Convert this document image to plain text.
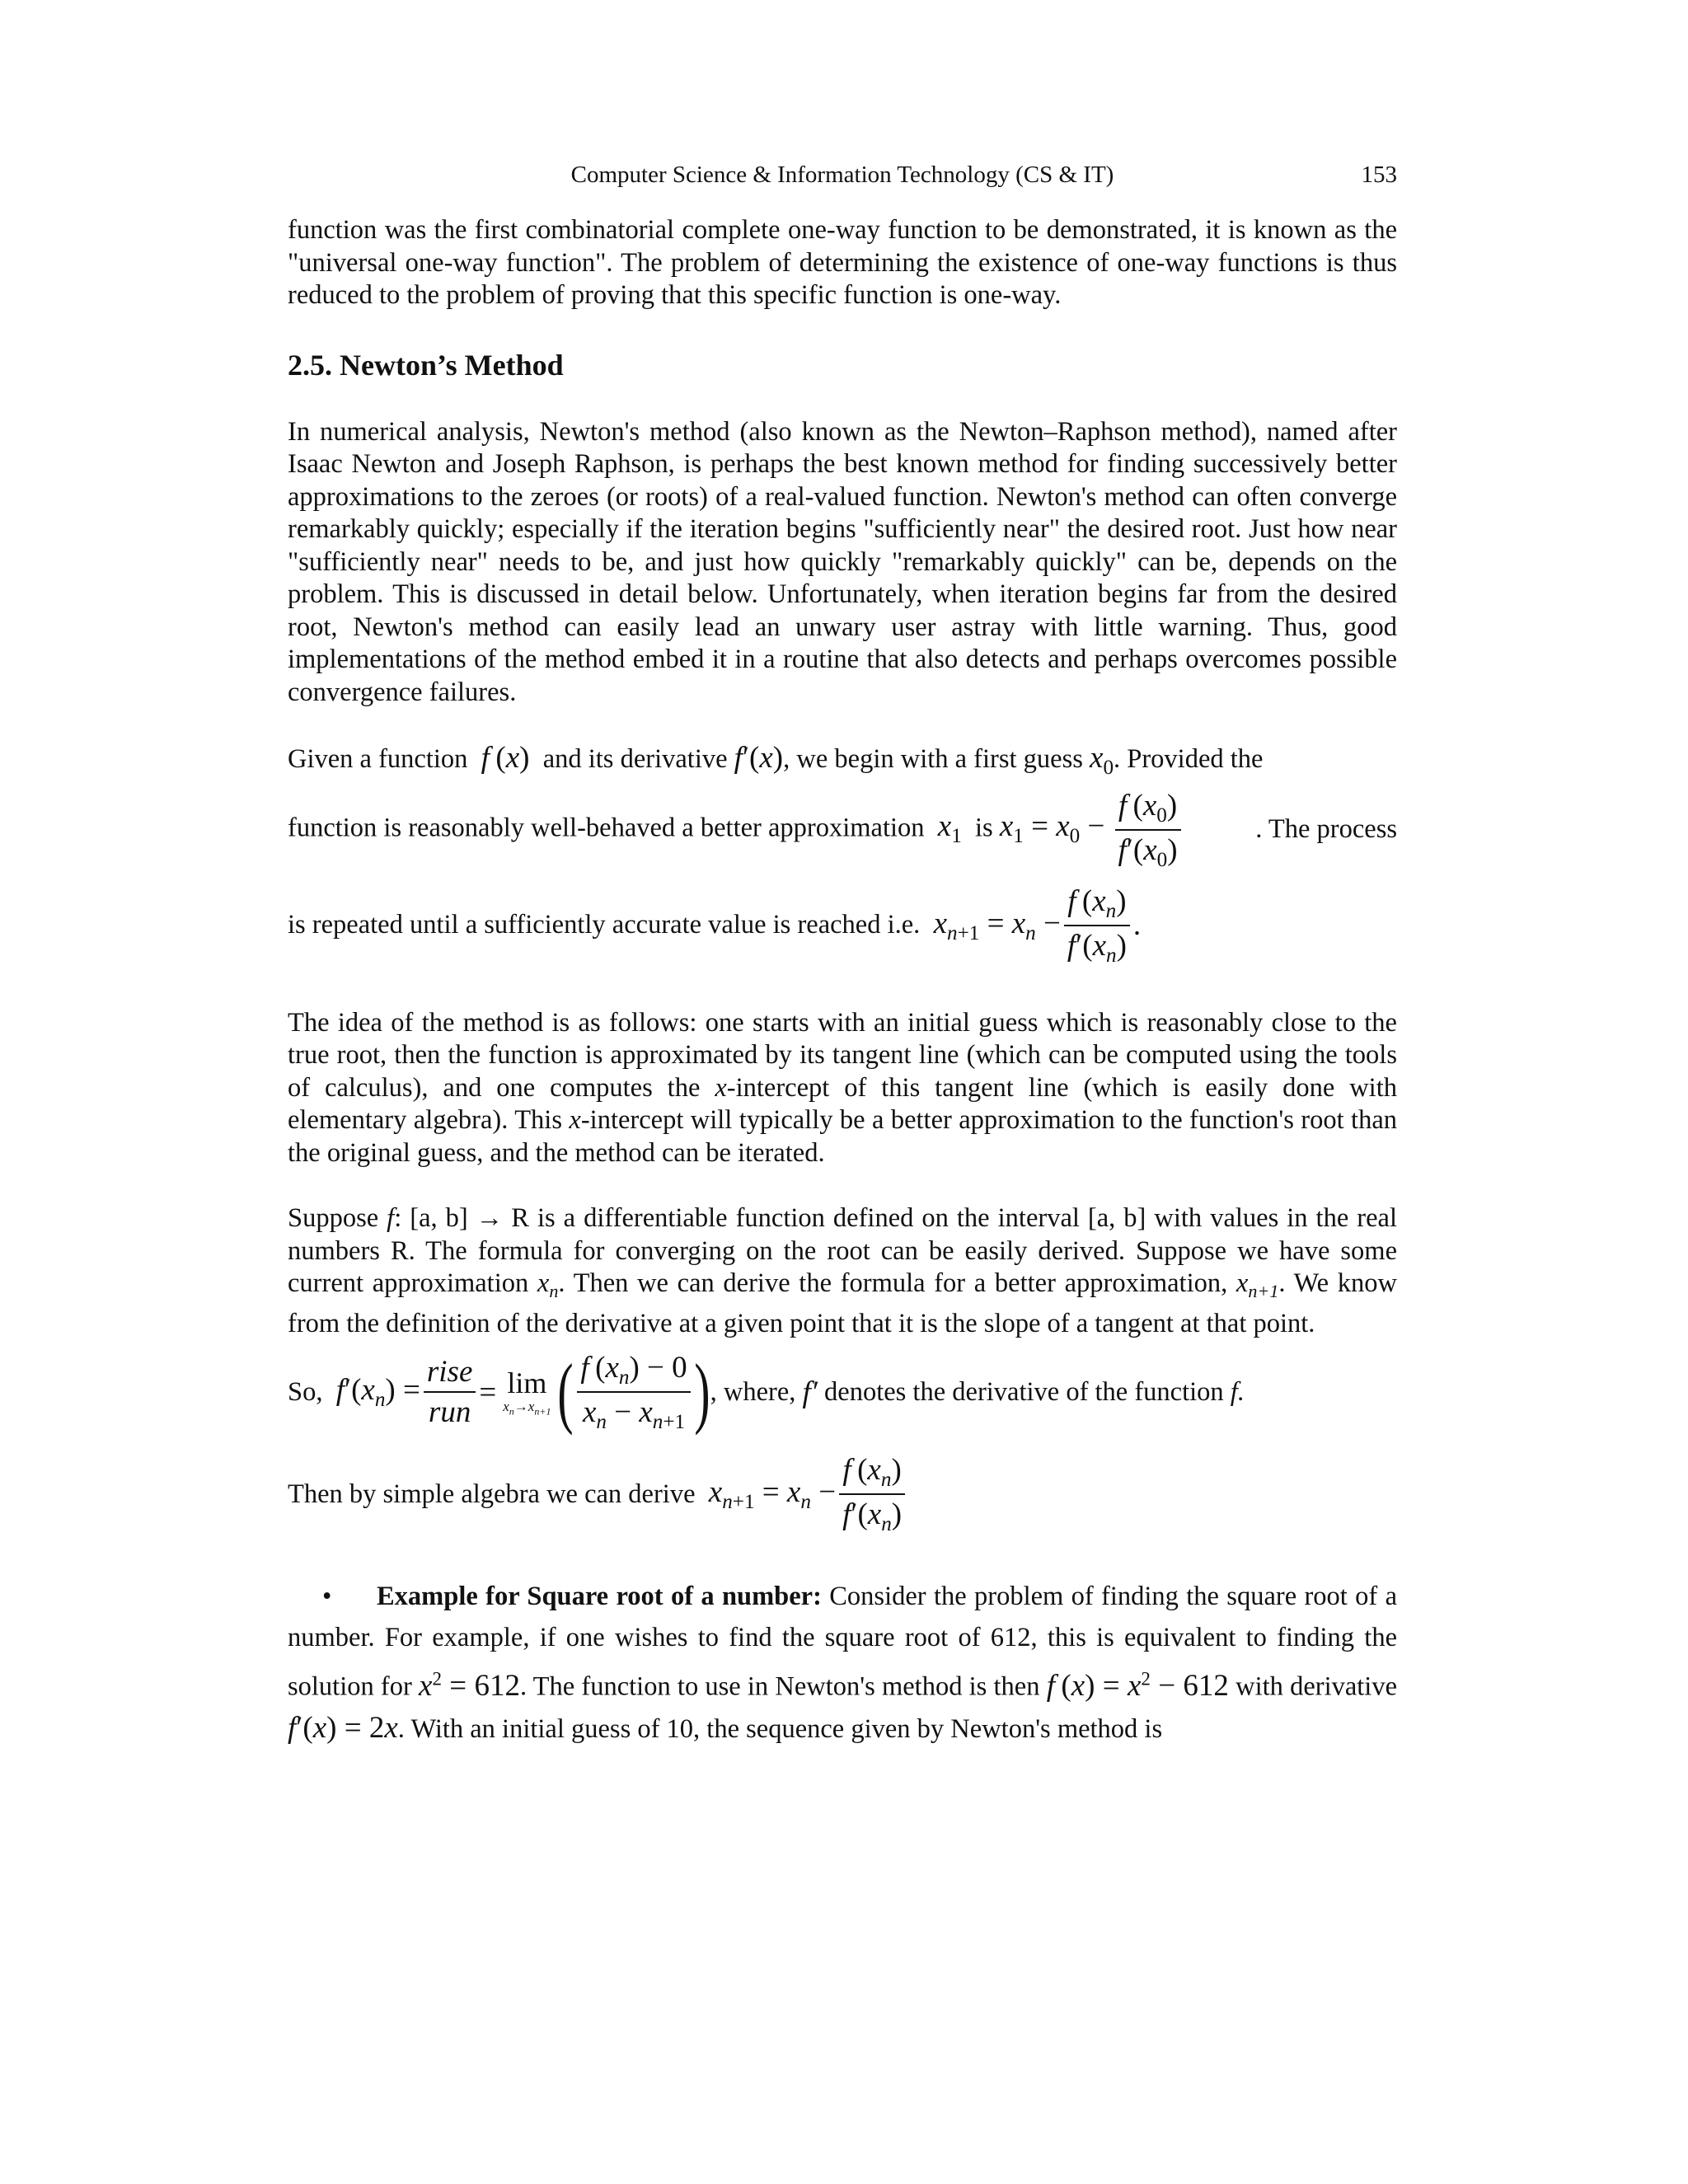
Computer Science & Information Technology (CS & IT)	153

function was the first combinatorial complete one-way function to be demonstrated, it is known as the "universal one-way function". The problem of determining the existence of one-way functions is thus reduced to the problem of proving that this specific function is one-way.

2.5. Newton’s Method

In numerical analysis, Newton's method (also known as the Newton–Raphson method), named after Isaac Newton and Joseph Raphson, is perhaps the best known method for finding successively better approximations to the zeroes (or roots) of a real-valued function. Newton's method can often converge remarkably quickly; especially if the iteration begins "sufficiently near" the desired root. Just how near "sufficiently near" needs to be, and just how quickly "remarkably quickly" can be, depends on the problem. This is discussed in detail below. Unfortunately, when iteration begins far from the desired root, Newton's method can easily lead an unwary user astray with little warning. Thus, good implementations of the method embed it in a routine that also detects and perhaps overcomes possible convergence failures.

Given a function f (x) and its derivative f′(x), we begin with a first guess $x_0$. Provided the

function is reasonably well-behaved a better approximation $x_1$ is $x_1 = x_0 - \frac{f (x_0)}{f'(x_0)}$	. The process
is repeated until a sufficiently accurate value is reached i.e.
$x_{n+1} = x_n - \frac{f (x_n)}{f'(x_n)}$ .

The idea of the method is as follows: one starts with an initial guess which is reasonably close to the true root, then the function is approximated by its tangent line (which can be computed using the tools of calculus), and one computes the x-intercept of this tangent line (which is easily done with elementary algebra). This x-intercept will typically be a better approximation to the function's root than the original guess, and the method can be iterated.

Suppose f: [a, b] → R is a differentiable function defined on the interval [a, b] with values in the real numbers R. The formula for converging on the root can be easily derived. Suppose we have some current approximation $x_n$. Then we can derive the formula for a better approximation, $x_{n+1}$. We know from the definition of the derivative at a given point that it is the slope of a tangent at that point.

So,
$f'(x_n) = \frac{\text{rise}}{\text{run}} = \lim$
$x_n\to x_{n+1}$ ( $\frac{f (x_n) - 0}{x_n - x_{n+1}}$ ) , where,
f′
denotes the derivative of the function
f.
Then by simple algebra we can derive
$x_{n+1} = x_n - \frac{f (x_n)}{f'(x_n)}$

• Example for Square root of a number: Consider the problem of finding the square root of a number. For example, if one wishes to find the square root of 612, this is equivalent to finding the solution for $x^2 = 612$. The function to use in Newton's method is then f $(x) = x^2 - 612$ with derivative f′(x) = 2x. With an initial guess of 10, the sequence given by Newton's method is
